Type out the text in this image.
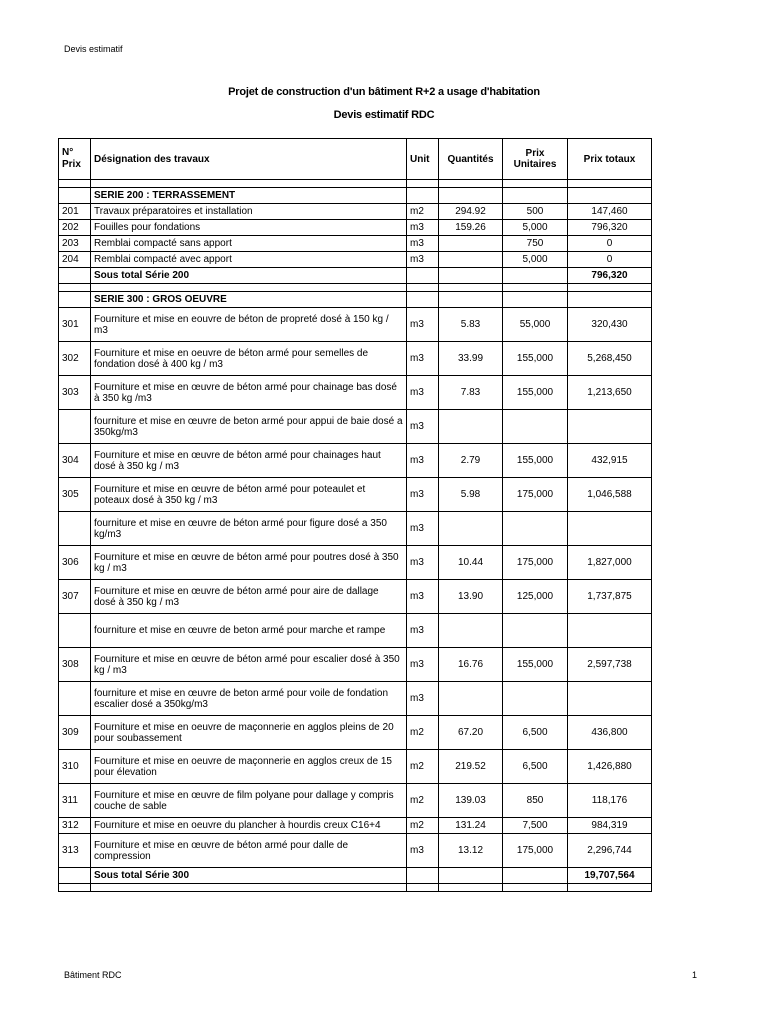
Devis estimatif
Projet de construction d'un bâtiment R+2 a usage d'habitation
Devis estimatif RDC
N° Prix	Désignation des travaux	Unit	Quantités	Prix Unitaires	Prix totaux

	SERIE 200 : TERRASSEMENT				
201	Travaux préparatoires et installation	m2	294.92	500	147,460
202	Fouilles pour fondations	m3	159.26	5,000	796,320
203	Remblai compacté sans apport	m3		750	0
204	Remblai compacté avec apport	m3		5,000	0
	Sous total Série 200				796,320

	SERIE 300 : GROS OEUVRE				
301	Fourniture et mise en eouvre de béton de propreté dosé à 150 kg / m3	m3	5.83	55,000	320,430
302	Fourniture et mise en oeuvre de béton armé pour semelles de fondation dosé à 400 kg / m3	m3	33.99	155,000	5,268,450
303	Fourniture et mise en œuvre de béton armé pour chainage bas dosé à 350 kg /m3	m3	7.83	155,000	1,213,650
	fourniture et mise en œuvre de beton armé pour appui de baie dosé a 350kg/m3	m3			
304	Fourniture et mise en œuvre de béton armé pour chainages haut dosé à 350 kg / m3	m3	2.79	155,000	432,915
305	Fourniture et mise en œuvre de béton armé pour poteaulet et poteaux dosé à 350 kg / m3	m3	5.98	175,000	1,046,588
	fourniture et mise en œuvre de béton armé pour figure dosé a 350 kg/m3	m3			
306	Fourniture et mise en œuvre de béton armé pour poutres dosé à 350 kg / m3	m3	10.44	175,000	1,827,000
307	Fourniture et mise en œuvre de béton armé pour aire de dallage dosé à 350 kg / m3	m3	13.90	125,000	1,737,875
	fourniture et mise en œuvre de beton armé pour marche et rampe	m3			
308	Fourniture et mise en œuvre de béton armé pour escalier dosé à 350 kg / m3	m3	16.76	155,000	2,597,738
	fourniture et mise en œuvre de beton armé pour voile de fondation escalier dosé a 350kg/m3	m3			
309	Fourniture et mise en oeuvre de maçonnerie en agglos pleins de 20 pour soubassement	m2	67.20	6,500	436,800
310	Fourniture et mise en oeuvre de maçonnerie en agglos creux de 15 pour élevation	m2	219.52	6,500	1,426,880
311	Fourniture et mise en œuvre de film polyane pour dallage y compris couche de sable	m2	139.03	850	118,176
312	Fourniture et mise en oeuvre du plancher à hourdis creux C16+4	m2	131.24	7,500	984,319
313	Fourniture et mise en œuvre de béton armé pour dalle de compression	m3	13.12	175,000	2,296,744
	Sous total Série 300				19,707,564

Bâtiment RDC	1
